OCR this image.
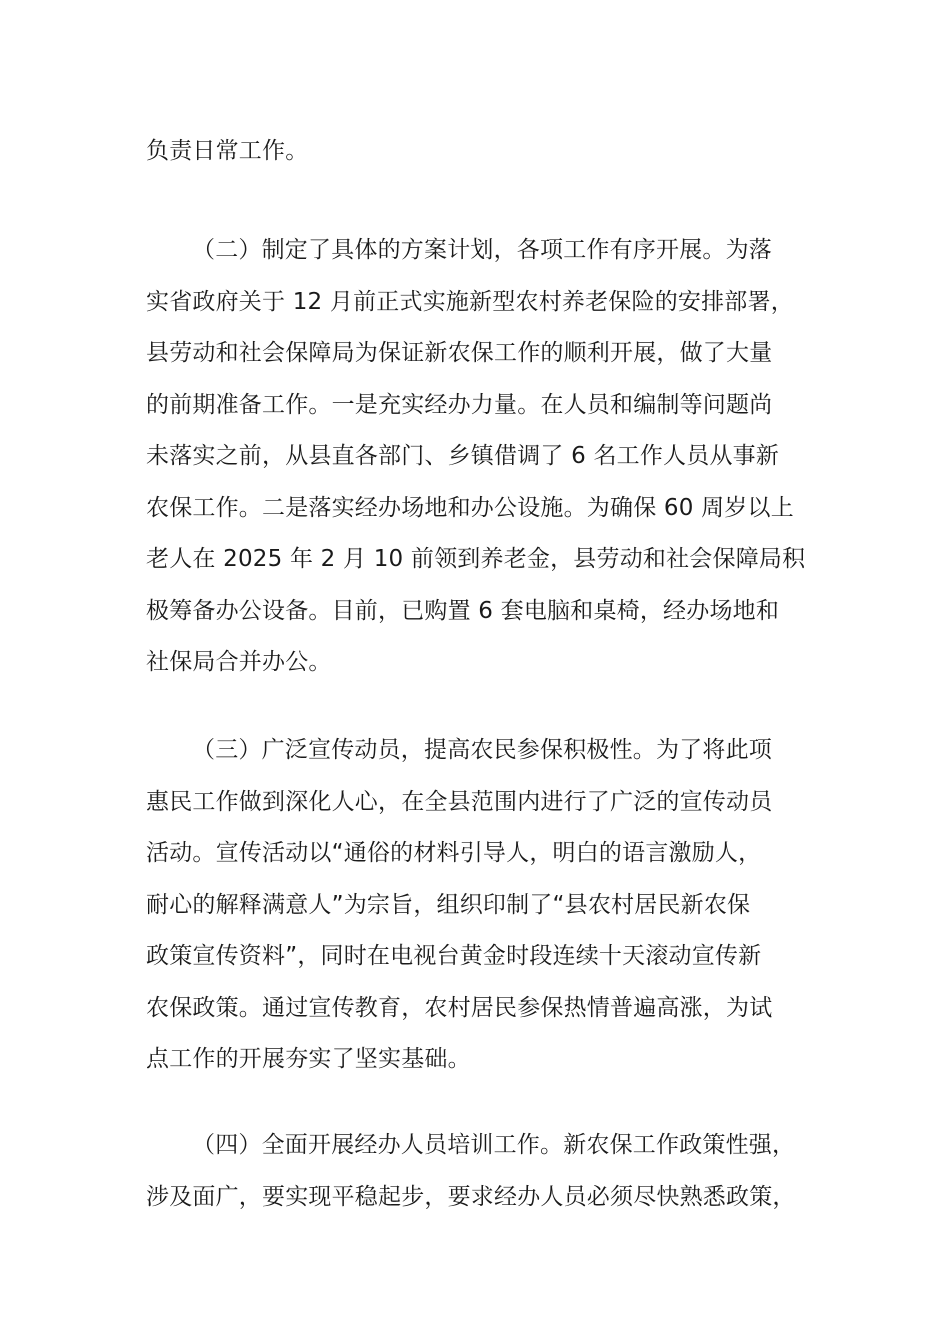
负责日常工作。

（二）制定了具体的方案计划，各项工作有序开展。为落
实省政府关于 12 月前正式实施新型农村养老保险的安排部署，
县劳动和社会保障局为保证新农保工作的顺利开展，做了大量
的前期准备工作。一是充实经办力量。在人员和编制等问题尚
未落实之前，从县直各部门、乡镇借调了 6 名工作人员从事新
农保工作。二是落实经办场地和办公设施。为确保 60 周岁以上
老人在 2025 年 2 月 10 前领到养老金，县劳动和社会保障局积
极筹备办公设备。目前，已购置 6 套电脑和桌椅，经办场地和
社保局合并办公。

（三）广泛宣传动员，提高农民参保积极性。为了将此项
惠民工作做到深化人心，在全县范围内进行了广泛的宣传动员
活动。宣传活动以“通俗的材料引导人，明白的语言激励人，
耐心的解释满意人”为宗旨，组织印制了“县农村居民新农保
政策宣传资料”，同时在电视台黄金时段连续十天滚动宣传新
农保政策。通过宣传教育，农村居民参保热情普遍高涨，为试
点工作的开展夯实了坚实基础。

（四）全面开展经办人员培训工作。新农保工作政策性强，
涉及面广，要实现平稳起步，要求经办人员必须尽快熟悉政策，
